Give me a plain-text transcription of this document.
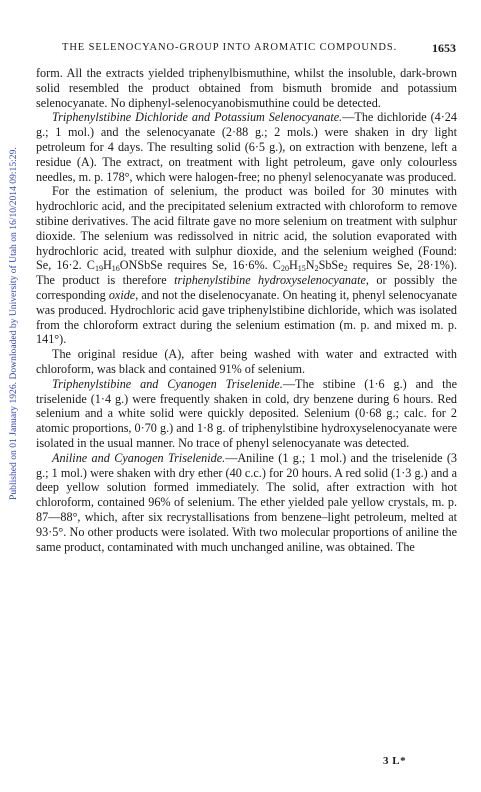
THE SELENOCYANO-GROUP INTO AROMATIC COMPOUNDS.	1653
Published on 01 January 1926. Downloaded by University of Utah on 16/10/2014 09:15:29.

form. All the extracts yielded triphenylbismuthine, whilst the insoluble, dark-brown solid resembled the product obtained from bismuth bromide and potassium selenocyanate. No diphenyl-selenocyanobismuthine could be detected.

Triphenylstibine Dichloride and Potassium Selenocyanate.—The dichloride (4·24 g.; 1 mol.) and the selenocyanate (2·88 g.; 2 mols.) were shaken in dry light petroleum for 4 days. The resulting solid (6·5 g.), on extraction with benzene, left a residue (A). The extract, on treatment with light petroleum, gave only colourless needles, m. p. 178°, which were halogen-free; no phenyl selenocyanate was produced.

For the estimation of selenium, the product was boiled for 30 minutes with hydrochloric acid, and the precipitated selenium extracted with chloroform to remove stibine derivatives. The acid filtrate gave no more selenium on treatment with sulphur dioxide. The selenium was redissolved in nitric acid, the solution evaporated with hydrochloric acid, treated with sulphur dioxide, and the selenium weighed (Found: Se, 16·2. $C_{19}H_{16}ONSbSe$ requires Se, 16·6%. $C_{20}H_{15}N_2SbSe_2$ requires Se, 28·1%). The product is therefore triphenylstibine hydroxyselenocyanate, or possibly the corresponding oxide, and not the diselenocyanate. On heating it, phenyl selenocyanate was produced. Hydrochloric acid gave triphenylstibine dichloride, which was isolated from the chloroform extract during the selenium estimation (m. p. and mixed m. p. 141°).

The original residue (A), after being washed with water and extracted with chloroform, was black and contained 91% of selenium.

Triphenylstibine and Cyanogen Triselenide.—The stibine (1·6 g.) and the triselenide (1·4 g.) were frequently shaken in cold, dry benzene during 6 hours. Red selenium and a white solid were quickly deposited. Selenium (0·68 g.; calc. for 2 atomic proportions, 0·70 g.) and 1·8 g. of triphenylstibine hydroxyselenocyanate were isolated in the usual manner. No trace of phenyl selenocyanate was detected.

Aniline and Cyanogen Triselenide.—Aniline (1 g.; 1 mol.) and the triselenide (3 g.; 1 mol.) were shaken with dry ether (40 c.c.) for 20 hours. A red solid (1·3 g.) and a deep yellow solution formed immediately. The solid, after extraction with hot chloroform, contained 96% of selenium. The ether yielded pale yellow crystals, m. p. 87—88°, which, after six recrystallisations from benzene–light petroleum, melted at 93·5°. No other products were isolated. With two molecular proportions of aniline the same product, contaminated with much unchanged aniline, was obtained. The

3 L*
